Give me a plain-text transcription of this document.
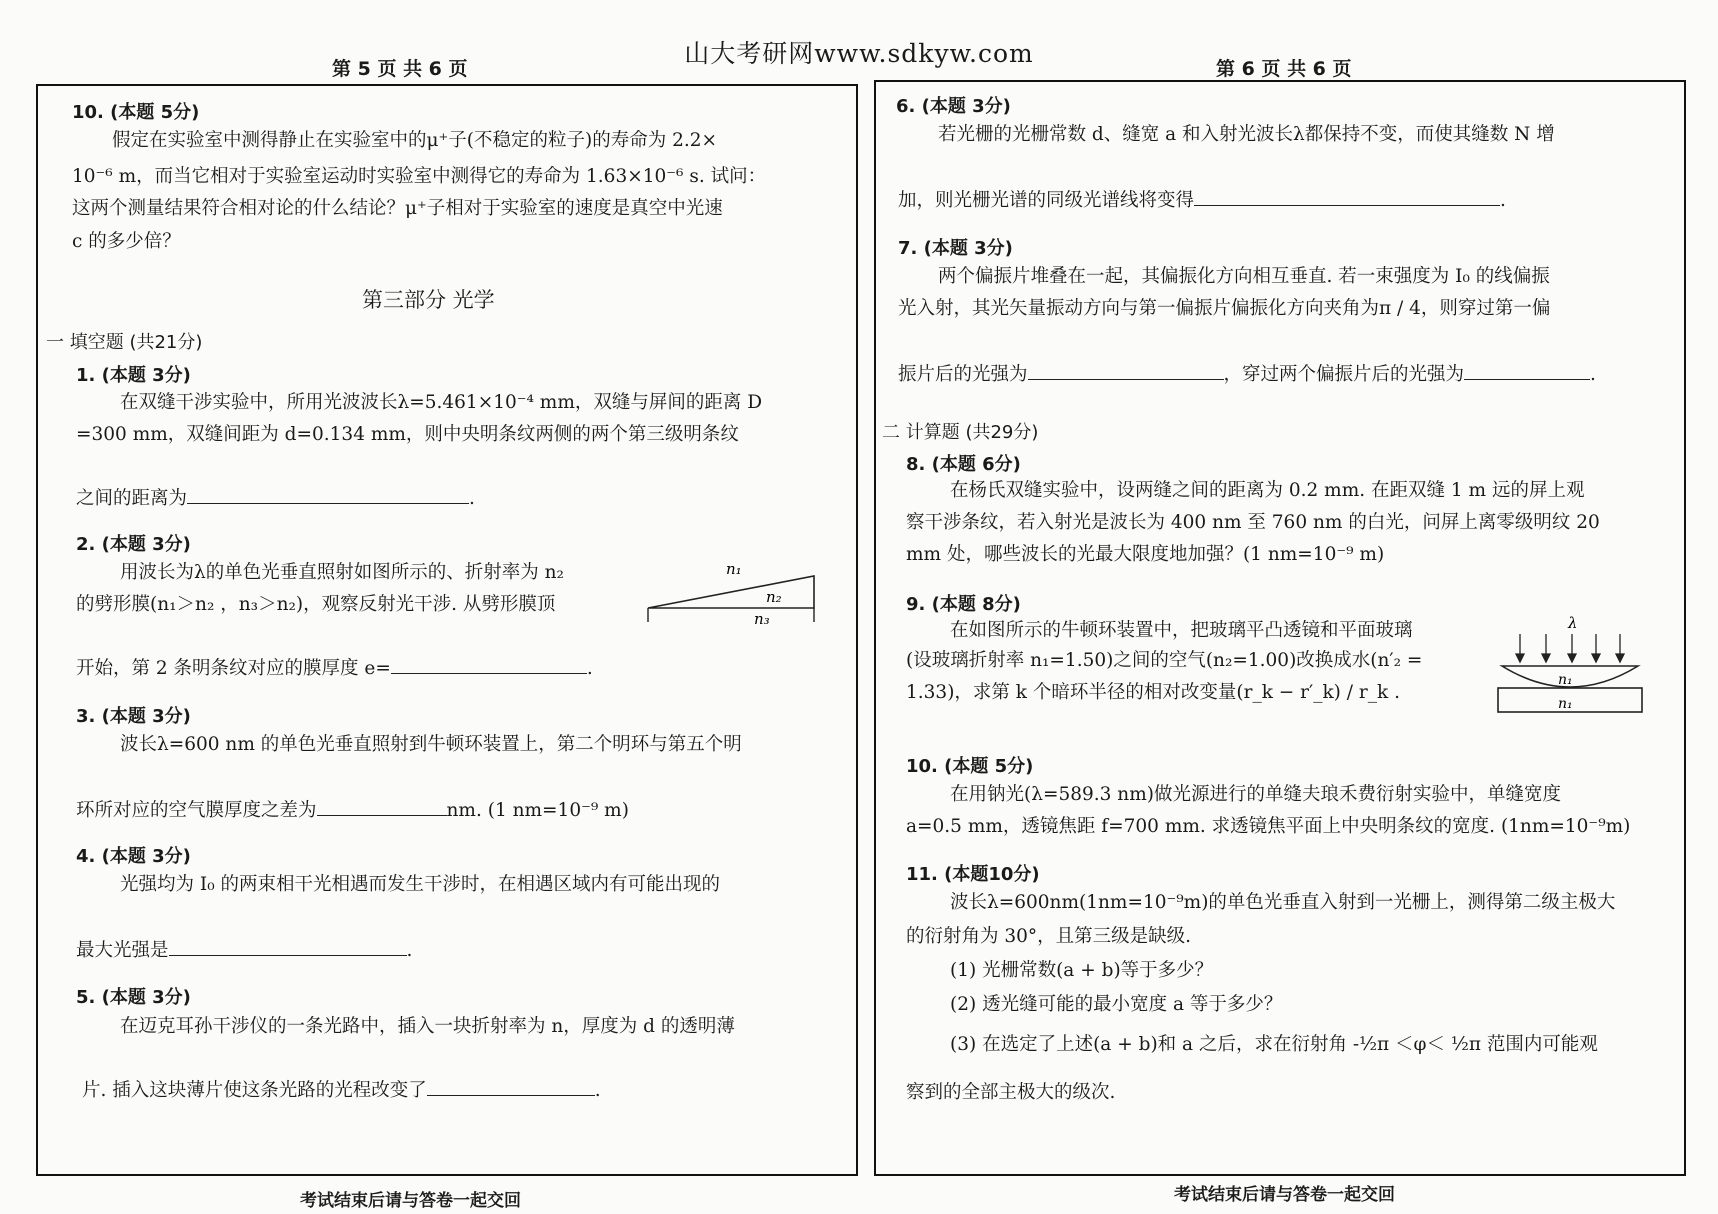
山大考研网www.sdkyw.com
第 5 页 共 6 页	第 6 页 共 6 页
10. (本题 5分)
假定在实验室中测得静止在实验室中的μ⁺子(不稳定的粒子)的寿命为 2.2×
10⁻⁶ m，而当它相对于实验室运动时实验室中测得它的寿命为 1.63×10⁻⁶ s. 试问：
这两个测量结果符合相对论的什么结论？μ⁺子相对于实验室的速度是真空中光速
c 的多少倍？
第三部分 光学
一 填空题 (共21分)
1. (本题 3分)
在双缝干涉实验中，所用光波波长λ=5.461×10⁻⁴ mm，双缝与屏间的距离 D
=300 mm，双缝间距为 d=0.134 mm，则中央明条纹两侧的两个第三级明条纹
之间的距离为	.
2. (本题 3分)
用波长为λ的单色光垂直照射如图所示的、折射率为 n₂
的劈形膜(n₁＞n₂ ，n₃＞n₂)，观察反射光干涉. 从劈形膜顶
n₁
n₂
n₃
开始，第 2 条明条纹对应的膜厚度 e=	.
3. (本题 3分)
波长λ=600 nm 的单色光垂直照射到牛顿环装置上，第二个明环与第五个明
环所对应的空气膜厚度之差为	nm. (1 nm=10⁻⁹ m)
4. (本题 3分)
光强均为 I₀ 的两束相干光相遇而发生干涉时，在相遇区域内有可能出现的
最大光强是	.
5. (本题 3分)
在迈克耳孙干涉仪的一条光路中，插入一块折射率为 n，厚度为 d 的透明薄
片. 插入这块薄片使这条光路的光程改变了	.
6. (本题 3分)
若光栅的光栅常数 d、缝宽 a 和入射光波长λ都保持不变，而使其缝数 N 增
加，则光栅光谱的同级光谱线将变得	.
7. (本题 3分)
两个偏振片堆叠在一起，其偏振化方向相互垂直. 若一束强度为 I₀ 的线偏振
光入射，其光矢量振动方向与第一偏振片偏振化方向夹角为π / 4，则穿过第一偏
振片后的光强为	，穿过两个偏振片后的光强为	.
二 计算题 (共29分)
8. (本题 6分)
在杨氏双缝实验中，设两缝之间的距离为 0.2 mm. 在距双缝 1 m 远的屏上观
察干涉条纹，若入射光是波长为 400 nm 至 760 nm 的白光，问屏上离零级明纹 20
mm 处，哪些波长的光最大限度地加强？(1 nm=10⁻⁹ m)
9. (本题 8分)
在如图所示的牛顿环装置中，把玻璃平凸透镜和平面玻璃
(设玻璃折射率 n₁=1.50)之间的空气(n₂=1.00)改换成水(n′₂ =
1.33)，求第 k 个暗环半径的相对改变量(r_k − r′_k) / r_k .
λ
n₁
n₁
10. (本题 5分)
在用钠光(λ=589.3 nm)做光源进行的单缝夫琅禾费衍射实验中，单缝宽度
a=0.5 mm，透镜焦距 f=700 mm. 求透镜焦平面上中央明条纹的宽度. (1nm=10⁻⁹m)
11. (本题10分)
波长λ=600nm(1nm=10⁻⁹m)的单色光垂直入射到一光栅上，测得第二级主极大
的衍射角为 30°，且第三级是缺级.
(1) 光栅常数(a + b)等于多少？
(2) 透光缝可能的最小宽度 a 等于多少？
(3) 在选定了上述(a + b)和 a 之后，求在衍射角 -½π ＜φ＜ ½π 范围内可能观
察到的全部主极大的级次.
考试结束后请与答卷一起交回	考试结束后请与答卷一起交回
